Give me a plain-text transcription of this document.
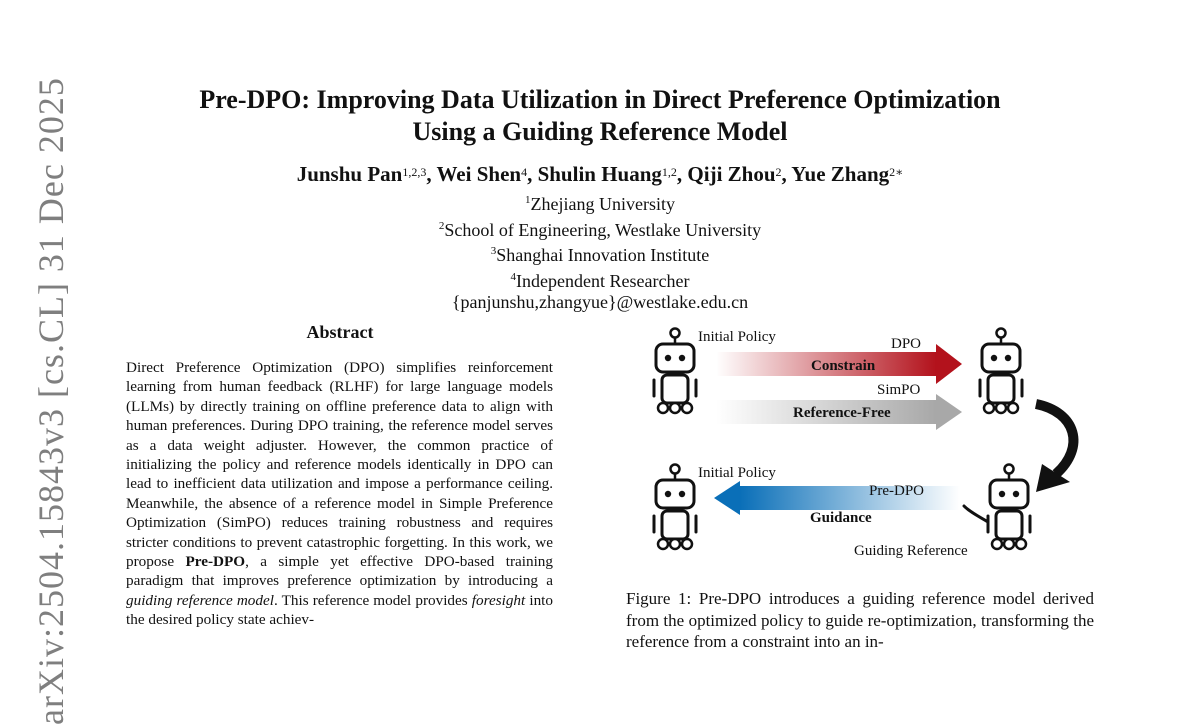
arXiv:2504.15843v3 [cs.CL] 31 Dec 2025	Pre-DPO: Improving Data Utilization in Direct Preference Optimization
Using a Guiding Reference Model
Junshu Pan$^{1,2,3}$, Wei Shen$^4$, Shulin Huang$^{1,2}$, Qiji Zhou$^2$, Yue Zhang$^{2∗}$
$^1$Zhejiang University
$^2$School of Engineering, Westlake University
$^3$Shanghai Innovation Institute
$^4$Independent Researcher
{panjunshu,zhangyue}@westlake.edu.cn
Abstract
Direct Preference Optimization (DPO) simplifies reinforcement learning from human feedback (RLHF) for large language models (LLMs) by directly training on offline preference data to align with human preferences. During DPO training, the reference model serves as a data weight adjuster. However, the common practice of initializing the policy and reference models identically in DPO can lead to inefficient data utilization and impose a performance ceiling. Meanwhile, the absence of a reference model in Simple Preference Optimization (SimPO) reduces training robustness and requires stricter conditions to prevent catastrophic forgetting. In this work, we propose Pre-DPO, a simple yet effective DPO-based training paradigm that improves preference optimization by introducing a guiding reference model. This reference model provides foresight into the desired policy state achiev-
Initial Policy	DPO
Constrain
SimPO
Reference-Free
Initial Policy
Pre-DPO
Guidance
Guiding Reference
Figure 1: Pre-DPO introduces a guiding reference model derived from the optimized policy to guide re-optimization, transforming the reference from a constraint into an in-
